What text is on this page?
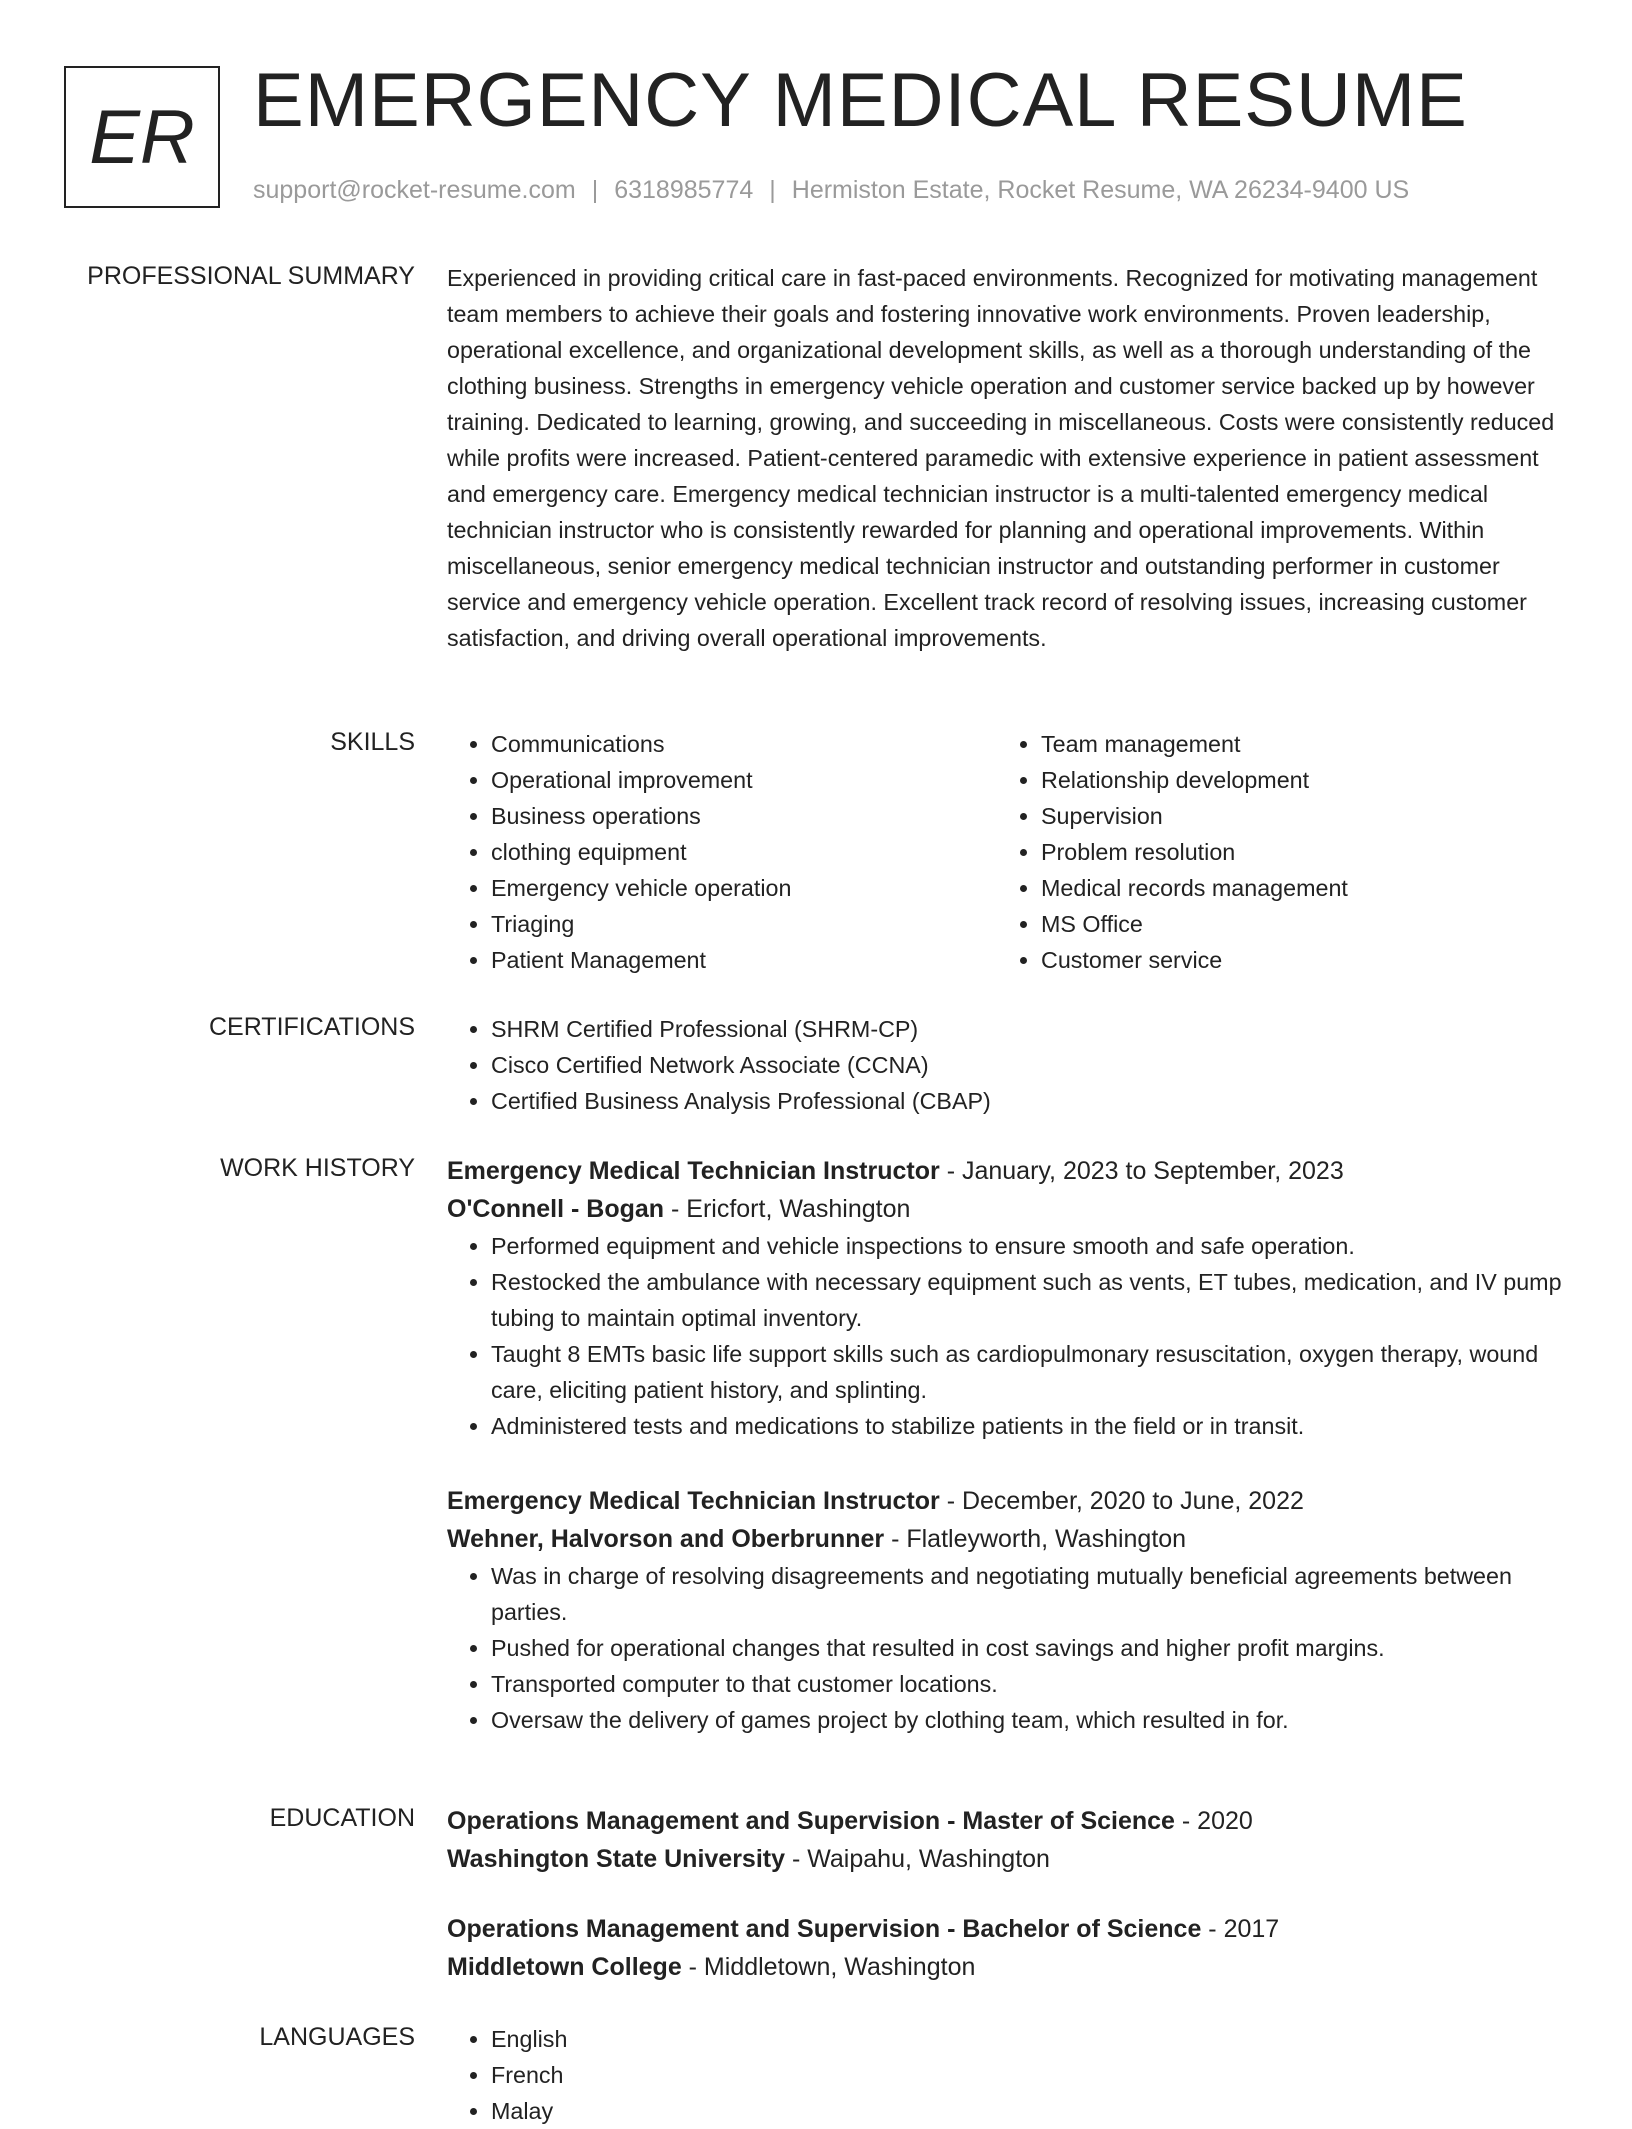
ER EMERGENCY MEDICAL RESUME
support@rocket-resume.com | 6318985774 | Hermiston Estate, Rocket Resume, WA 26234-9400 US
PROFESSIONAL SUMMARY Experienced in providing critical care in fast-paced environments. Recognized for motivating management team members to achieve their goals and fostering innovative work environments. Proven leadership, operational excellence, and organizational development skills, as well as a thorough understanding of the clothing business. Strengths in emergency vehicle operation and customer service backed up by however training. Dedicated to learning, growing, and succeeding in miscellaneous. Costs were consistently reduced while profits were increased. Patient-centered paramedic with extensive experience in patient assessment and emergency care. Emergency medical technician instructor is a multi-talented emergency medical technician instructor who is consistently rewarded for planning and operational improvements. Within miscellaneous, senior emergency medical technician instructor and outstanding performer in customer service and emergency vehicle operation. Excellent track record of resolving issues, increasing customer satisfaction, and driving overall operational improvements.

SKILLS	• Communications
• Operational improvement
• Business operations
• clothing equipment
• Emergency vehicle operation
• Triaging
• Patient Management
• Team management
• Relationship development
• Supervision
• Problem resolution
• Medical records management
• MS Office
• Customer service
CERTIFICATIONS	• SHRM Certified Professional (SHRM-CP)
• Cisco Certified Network Associate (CCNA)
• Certified Business Analysis Professional (CBAP)
WORK HISTORY Emergency Medical Technician Instructor - January, 2023 to September, 2023
O'Connell - Bogan - Ericfort, Washington
• Performed equipment and vehicle inspections to ensure smooth and safe operation.
• Restocked the ambulance with necessary equipment such as vents, ET tubes, medication, and IV pump tubing to maintain optimal inventory.
• Taught 8 EMTs basic life support skills such as cardiopulmonary resuscitation, oxygen therapy, wound care, eliciting patient history, and splinting.
• Administered tests and medications to stabilize patients in the field or in transit.
Emergency Medical Technician Instructor - December, 2020 to June, 2022
Wehner, Halvorson and Oberbrunner - Flatleyworth, Washington
• Was in charge of resolving disagreements and negotiating mutually beneficial agreements between parties.
• Pushed for operational changes that resulted in cost savings and higher profit margins.
• Transported computer to that customer locations.
• Oversaw the delivery of games project by clothing team, which resulted in for.
EDUCATION Operations Management and Supervision - Master of Science - 2020
Washington State University - Waipahu, Washington
Operations Management and Supervision - Bachelor of Science - 2017
Middletown College - Middletown, Washington
LANGUAGES	• English
• French
• Malay
